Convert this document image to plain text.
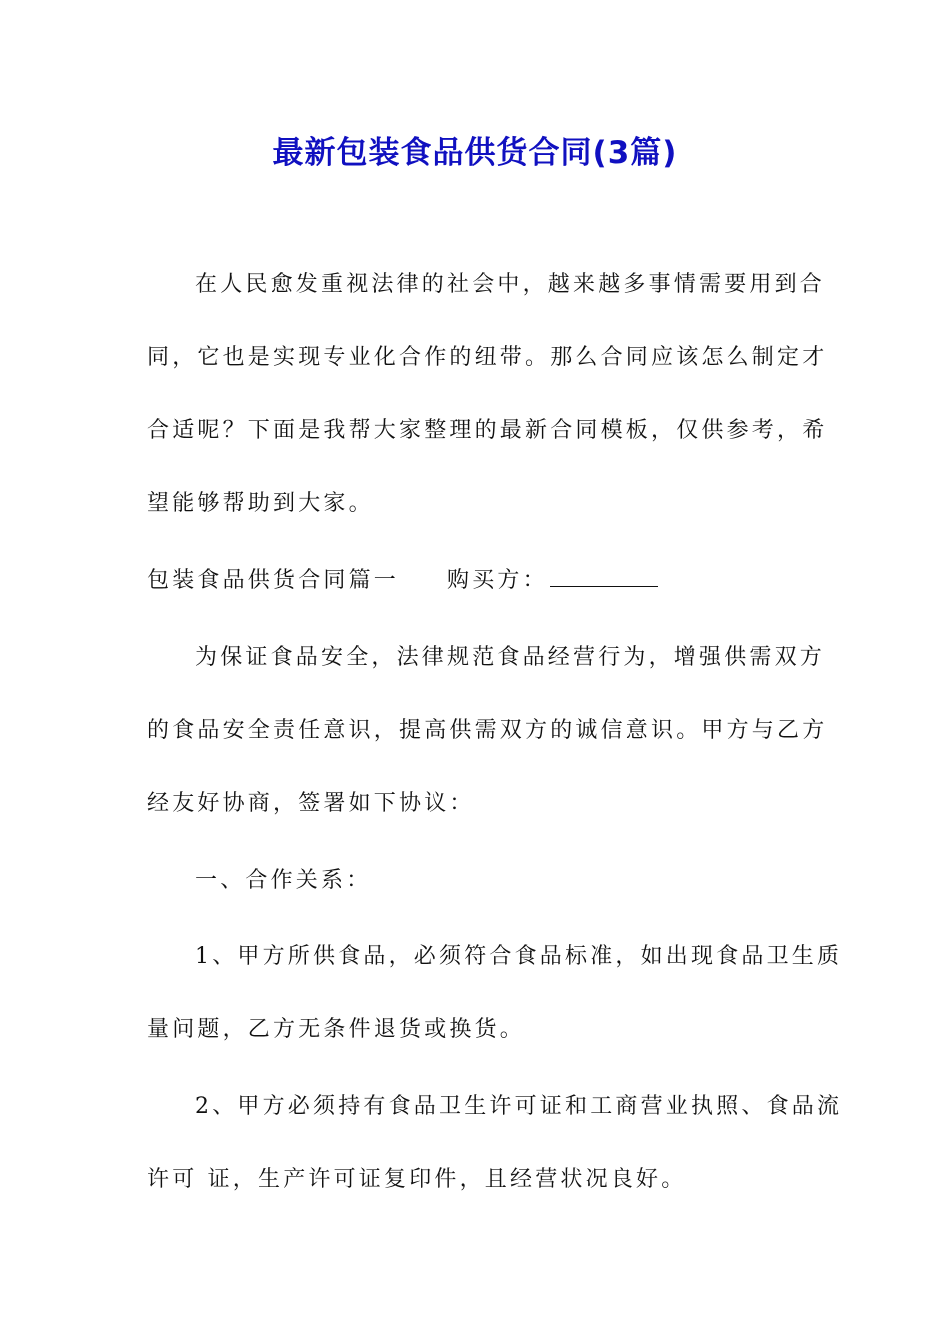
最新包装食品供货合同(3篇)
在人民愈发重视法律的社会中，越来越多事情需要用到合
同，它也是实现专业化合作的纽带。那么合同应该怎么制定才
合适呢？下面是我帮大家整理的最新合同模板，仅供参考，希
望能够帮助到大家。
包装食品供货合同篇一 购买方：
为保证食品安全，法律规范食品经营行为，增强供需双方
的食品安全责任意识，提高供需双方的诚信意识。甲方与乙方
经友好协商，签署如下协议：
一、合作关系：
1、甲方所供食品，必须符合食品标准，如出现食品卫生质
量问题，乙方无条件退货或换货。
2、甲方必须持有食品卫生许可证和工商营业执照、食品流
许可 证，生产许可证复印件，且经营状况良好。
